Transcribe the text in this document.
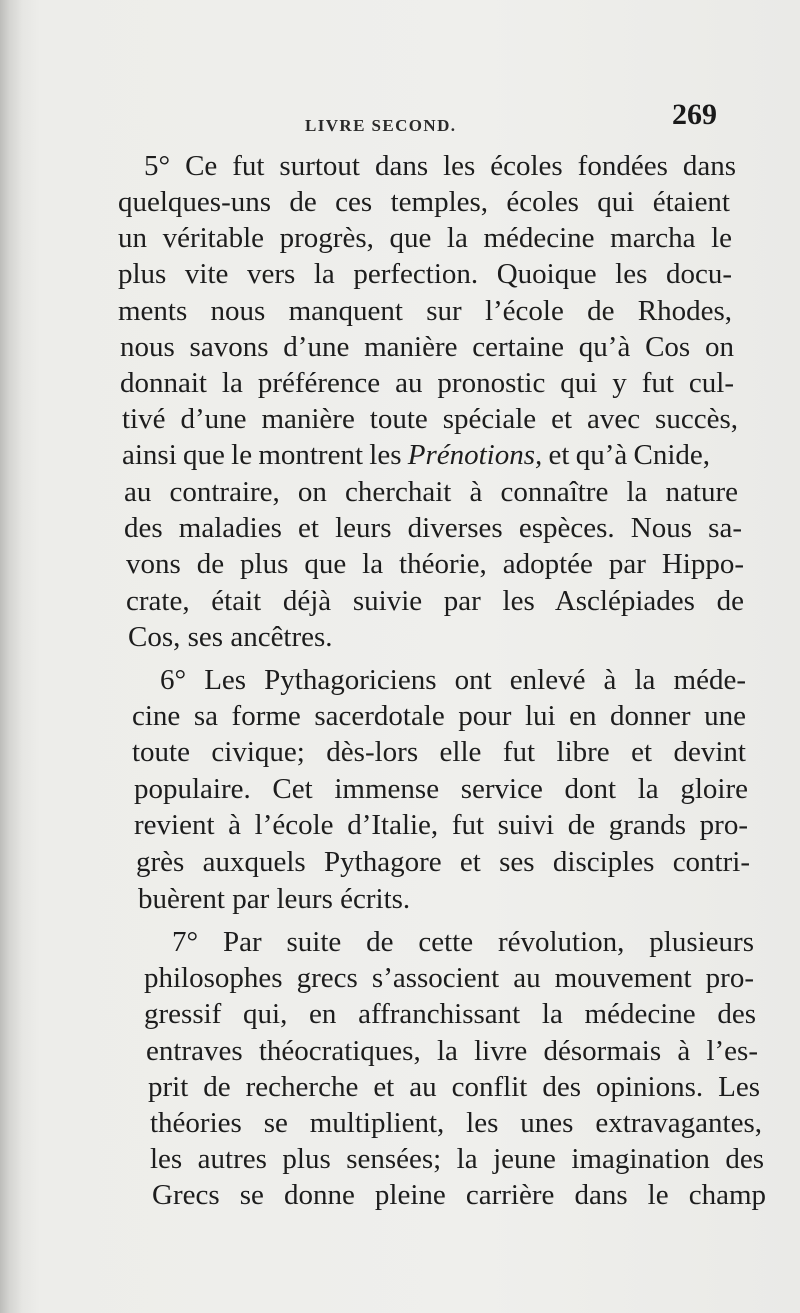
LIVRE SECOND.	269
5° Ce fut surtout dans les écoles fondées dans
quelques-uns de ces temples, écoles qui étaient
un véritable progrès, que la médecine marcha le
plus vite vers la perfection. Quoique les docu-
ments nous manquent sur l’école de Rhodes,
nous savons d’une manière certaine qu’à Cos on
donnait la préférence au pronostic qui y fut cul-
tivé d’une manière toute spéciale et avec succès,
ainsi que le montrent les Prénotions, et qu’à Cnide,
au contraire, on cherchait à connaître la nature
des maladies et leurs diverses espèces. Nous sa-
vons de plus que la théorie, adoptée par Hippo-
crate, était déjà suivie par les Asclépiades de
Cos, ses ancêtres.
6° Les Pythagoriciens ont enlevé à la méde-
cine sa forme sacerdotale pour lui en donner une
toute civique; dès-lors elle fut libre et devint
populaire. Cet immense service dont la gloire
revient à l’école d’Italie, fut suivi de grands pro-
grès auxquels Pythagore et ses disciples contri-
buèrent par leurs écrits.
7° Par suite de cette révolution, plusieurs
philosophes grecs s’associent au mouvement pro-
gressif qui, en affranchissant la médecine des
entraves théocratiques, la livre désormais à l’es-
prit de recherche et au conflit des opinions. Les
théories se multiplient, les unes extravagantes,
les autres plus sensées; la jeune imagination des
Grecs se donne pleine carrière dans le champ
